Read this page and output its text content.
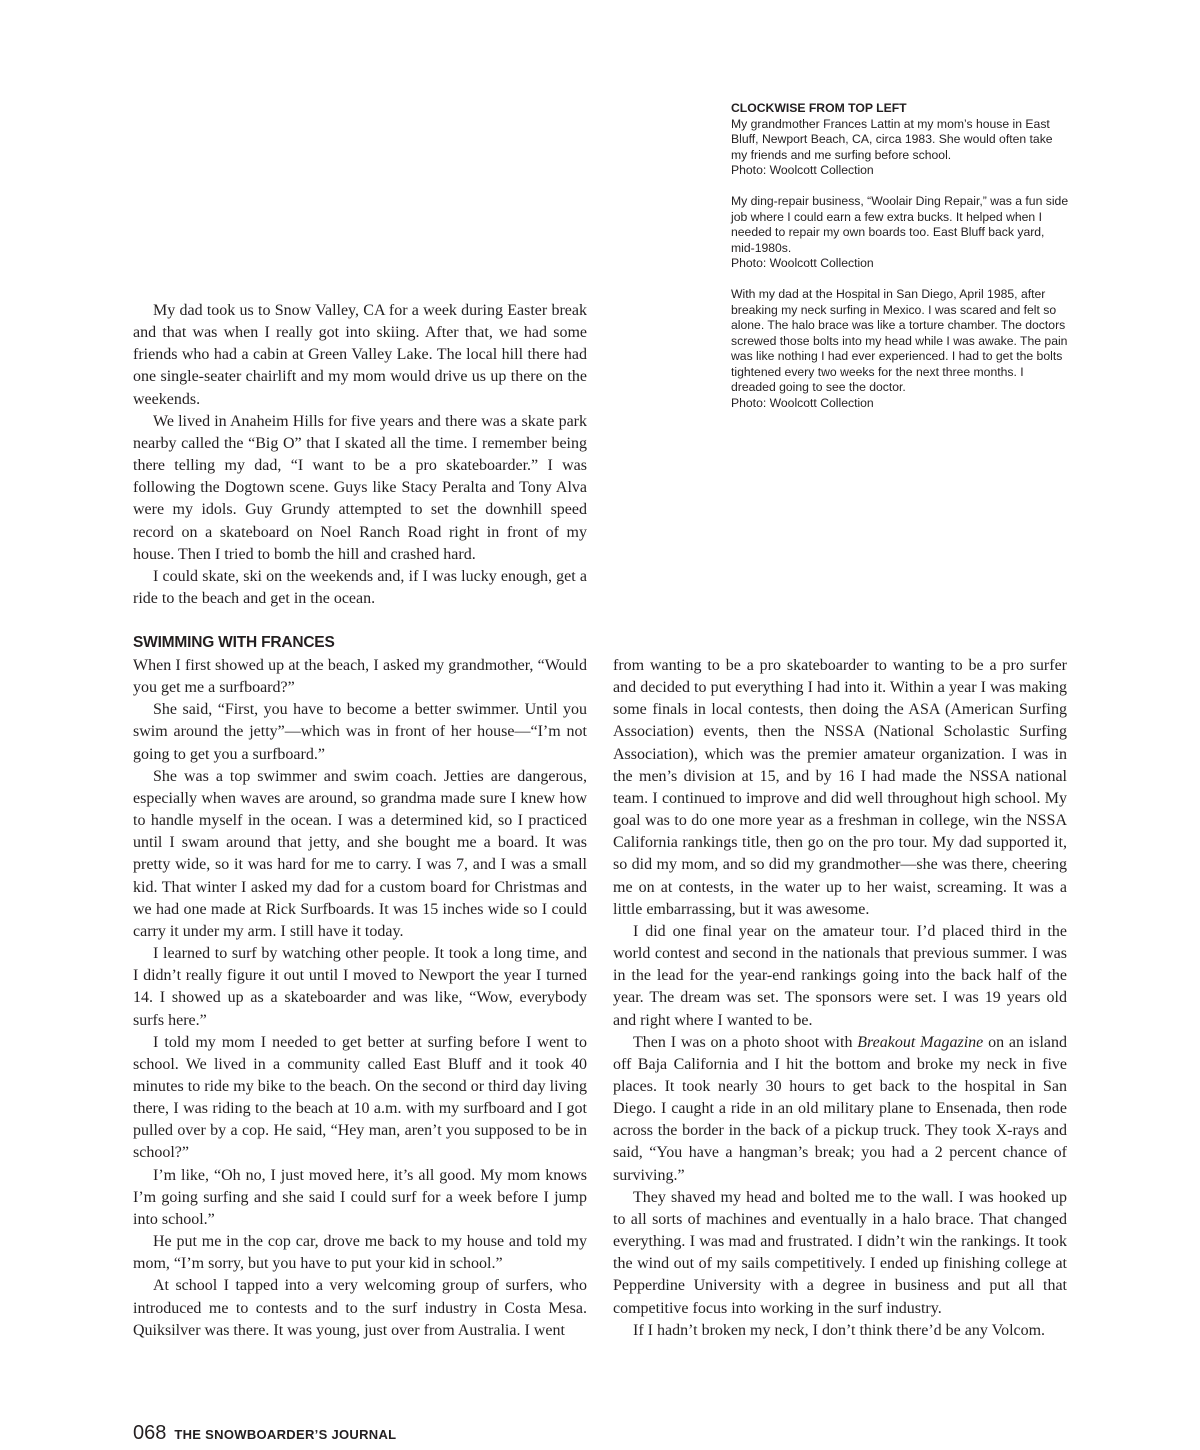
CLOCKWISE FROM TOP LEFT

My grandmother Frances Lattin at my mom’s house in East Bluff, Newport Beach, CA, circa 1983. She would often take my friends and me surfing before school.
Photo: Woolcott Collection

My ding-repair business, “Woolair Ding Repair,” was a fun side job where I could earn a few extra bucks. It helped when I needed to repair my own boards too. East Bluff back yard, mid-1980s.
Photo: Woolcott Collection

With my dad at the Hospital in San Diego, April 1985, after breaking my neck surfing in Mexico. I was scared and felt so alone. The halo brace was like a torture chamber. The doctors screwed those bolts into my head while I was awake. The pain was like nothing I had ever experienced. I had to get the bolts tightened every two weeks for the next three months. I dreaded going to see the doctor.
Photo: Woolcott Collection

My dad took us to Snow Valley, CA for a week during Easter break and that was when I really got into skiing. After that, we had some friends who had a cabin at Green Valley Lake. The local hill there had one single-seater chairlift and my mom would drive us up there on the weekends.

We lived in Anaheim Hills for five years and there was a skate park nearby called the “Big O” that I skated all the time. I remember being there telling my dad, “I want to be a pro skateboarder.” I was following the Dogtown scene. Guys like Stacy Peralta and Tony Alva were my idols. Guy Grundy attempted to set the downhill speed record on a skateboard on Noel Ranch Road right in front of my house. Then I tried to bomb the hill and crashed hard.

I could skate, ski on the weekends and, if I was lucky enough, get a ride to the beach and get in the ocean.

SWIMMING WITH FRANCES

When I first showed up at the beach, I asked my grandmother, “Would you get me a surfboard?”

She said, “First, you have to become a better swimmer. Until you swim around the jetty”—which was in front of her house—“I’m not going to get you a surfboard.”

She was a top swimmer and swim coach. Jetties are dangerous, especially when waves are around, so grandma made sure I knew how to handle myself in the ocean. I was a determined kid, so I practiced until I swam around that jetty, and she bought me a board. It was pretty wide, so it was hard for me to carry. I was 7, and I was a small kid. That winter I asked my dad for a custom board for Christmas and we had one made at Rick Surfboards. It was 15 inches wide so I could carry it under my arm. I still have it today.

I learned to surf by watching other people. It took a long time, and I didn’t really figure it out until I moved to Newport the year I turned 14. I showed up as a skateboarder and was like, “Wow, everybody surfs here.”

I told my mom I needed to get better at surfing before I went to school. We lived in a community called East Bluff and it took 40 minutes to ride my bike to the beach. On the second or third day living there, I was riding to the beach at 10 a.m. with my surfboard and I got pulled over by a cop. He said, “Hey man, aren’t you supposed to be in school?”

I’m like, “Oh no, I just moved here, it’s all good. My mom knows I’m going surfing and she said I could surf for a week before I jump into school.”

He put me in the cop car, drove me back to my house and told my mom, “I’m sorry, but you have to put your kid in school.”

At school I tapped into a very welcoming group of surfers, who introduced me to contests and to the surf industry in Costa Mesa. Quiksilver was there. It was young, just over from Australia. I went

from wanting to be a pro skateboarder to wanting to be a pro surfer and decided to put everything I had into it. Within a year I was making some finals in local contests, then doing the ASA (American Surfing Association) events, then the NSSA (National Scholastic Surfing Association), which was the premier amateur organization. I was in the men’s division at 15, and by 16 I had made the NSSA national team. I continued to improve and did well throughout high school. My goal was to do one more year as a freshman in college, win the NSSA California rankings title, then go on the pro tour. My dad supported it, so did my mom, and so did my grandmother—she was there, cheering me on at contests, in the water up to her waist, screaming. It was a little embarrassing, but it was awesome.

I did one final year on the amateur tour. I’d placed third in the world contest and second in the nationals that previous summer. I was in the lead for the year-end rankings going into the back half of the year. The dream was set. The sponsors were set. I was 19 years old and right where I wanted to be.

Then I was on a photo shoot with Breakout Magazine on an island off Baja California and I hit the bottom and broke my neck in five places. It took nearly 30 hours to get back to the hospital in San Diego. I caught a ride in an old military plane to Ensenada, then rode across the border in the back of a pickup truck. They took X-rays and said, “You have a hangman’s break; you had a 2 percent chance of surviving.”

They shaved my head and bolted me to the wall. I was hooked up to all sorts of machines and eventually in a halo brace. That changed everything. I was mad and frustrated. I didn’t win the rankings. It took the wind out of my sails competitively. I ended up finishing college at Pepperdine University with a degree in business and put all that competitive focus into working in the surf industry.

If I hadn’t broken my neck, I don’t think there’d be any Volcom.

068 THE SNOWBOARDER’S JOURNAL
